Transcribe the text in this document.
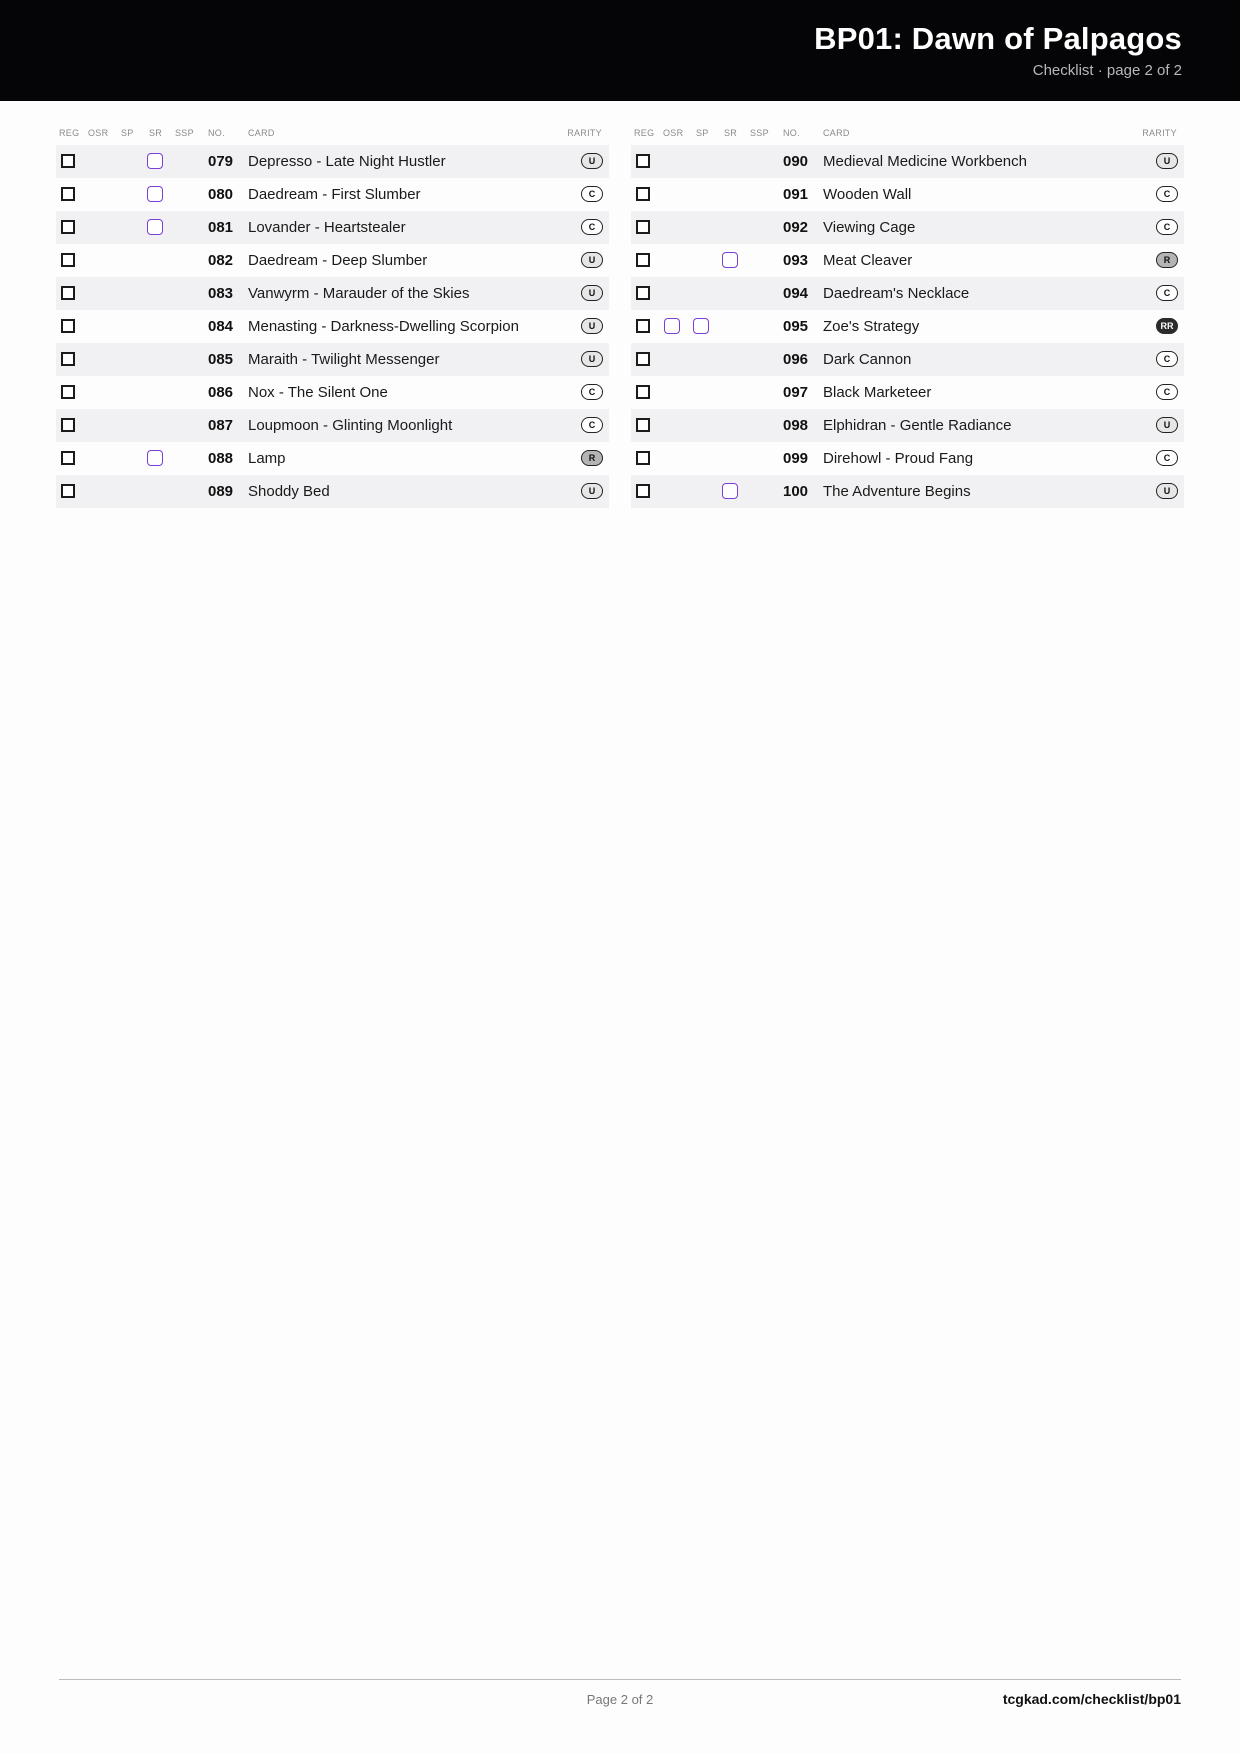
BP01: Dawn of Palpagos
Checklist · page 2 of 2
REG OSR SP SR SSP NO.	CARD	RARITY
079 Depresso - Late Night Hustler	U
080 Daedream - First Slumber	C
081 Lovander - Heartstealer	C
082 Daedream - Deep Slumber	U
083 Vanwyrm - Marauder of the Skies	U
084 Menasting - Darkness-Dwelling Scorpion	U
085 Maraith - Twilight Messenger	U
086 Nox - The Silent One	C
087 Loupmoon - Glinting Moonlight	C
088 Lamp	R
089 Shoddy Bed	U
REG OSR SP SR SSP NO.	CARD	RARITY
090 Medieval Medicine Workbench	U
091 Wooden Wall	C
092 Viewing Cage	C
093 Meat Cleaver	R
094 Daedream's Necklace	C
095 Zoe's Strategy	RR
096 Dark Cannon	C
097 Black Marketeer	C
098 Elphidran - Gentle Radiance	U
099 Direhowl - Proud Fang	C
100 The Adventure Begins	U
Page 2 of 2	tcgkad.com/checklist/bp01
